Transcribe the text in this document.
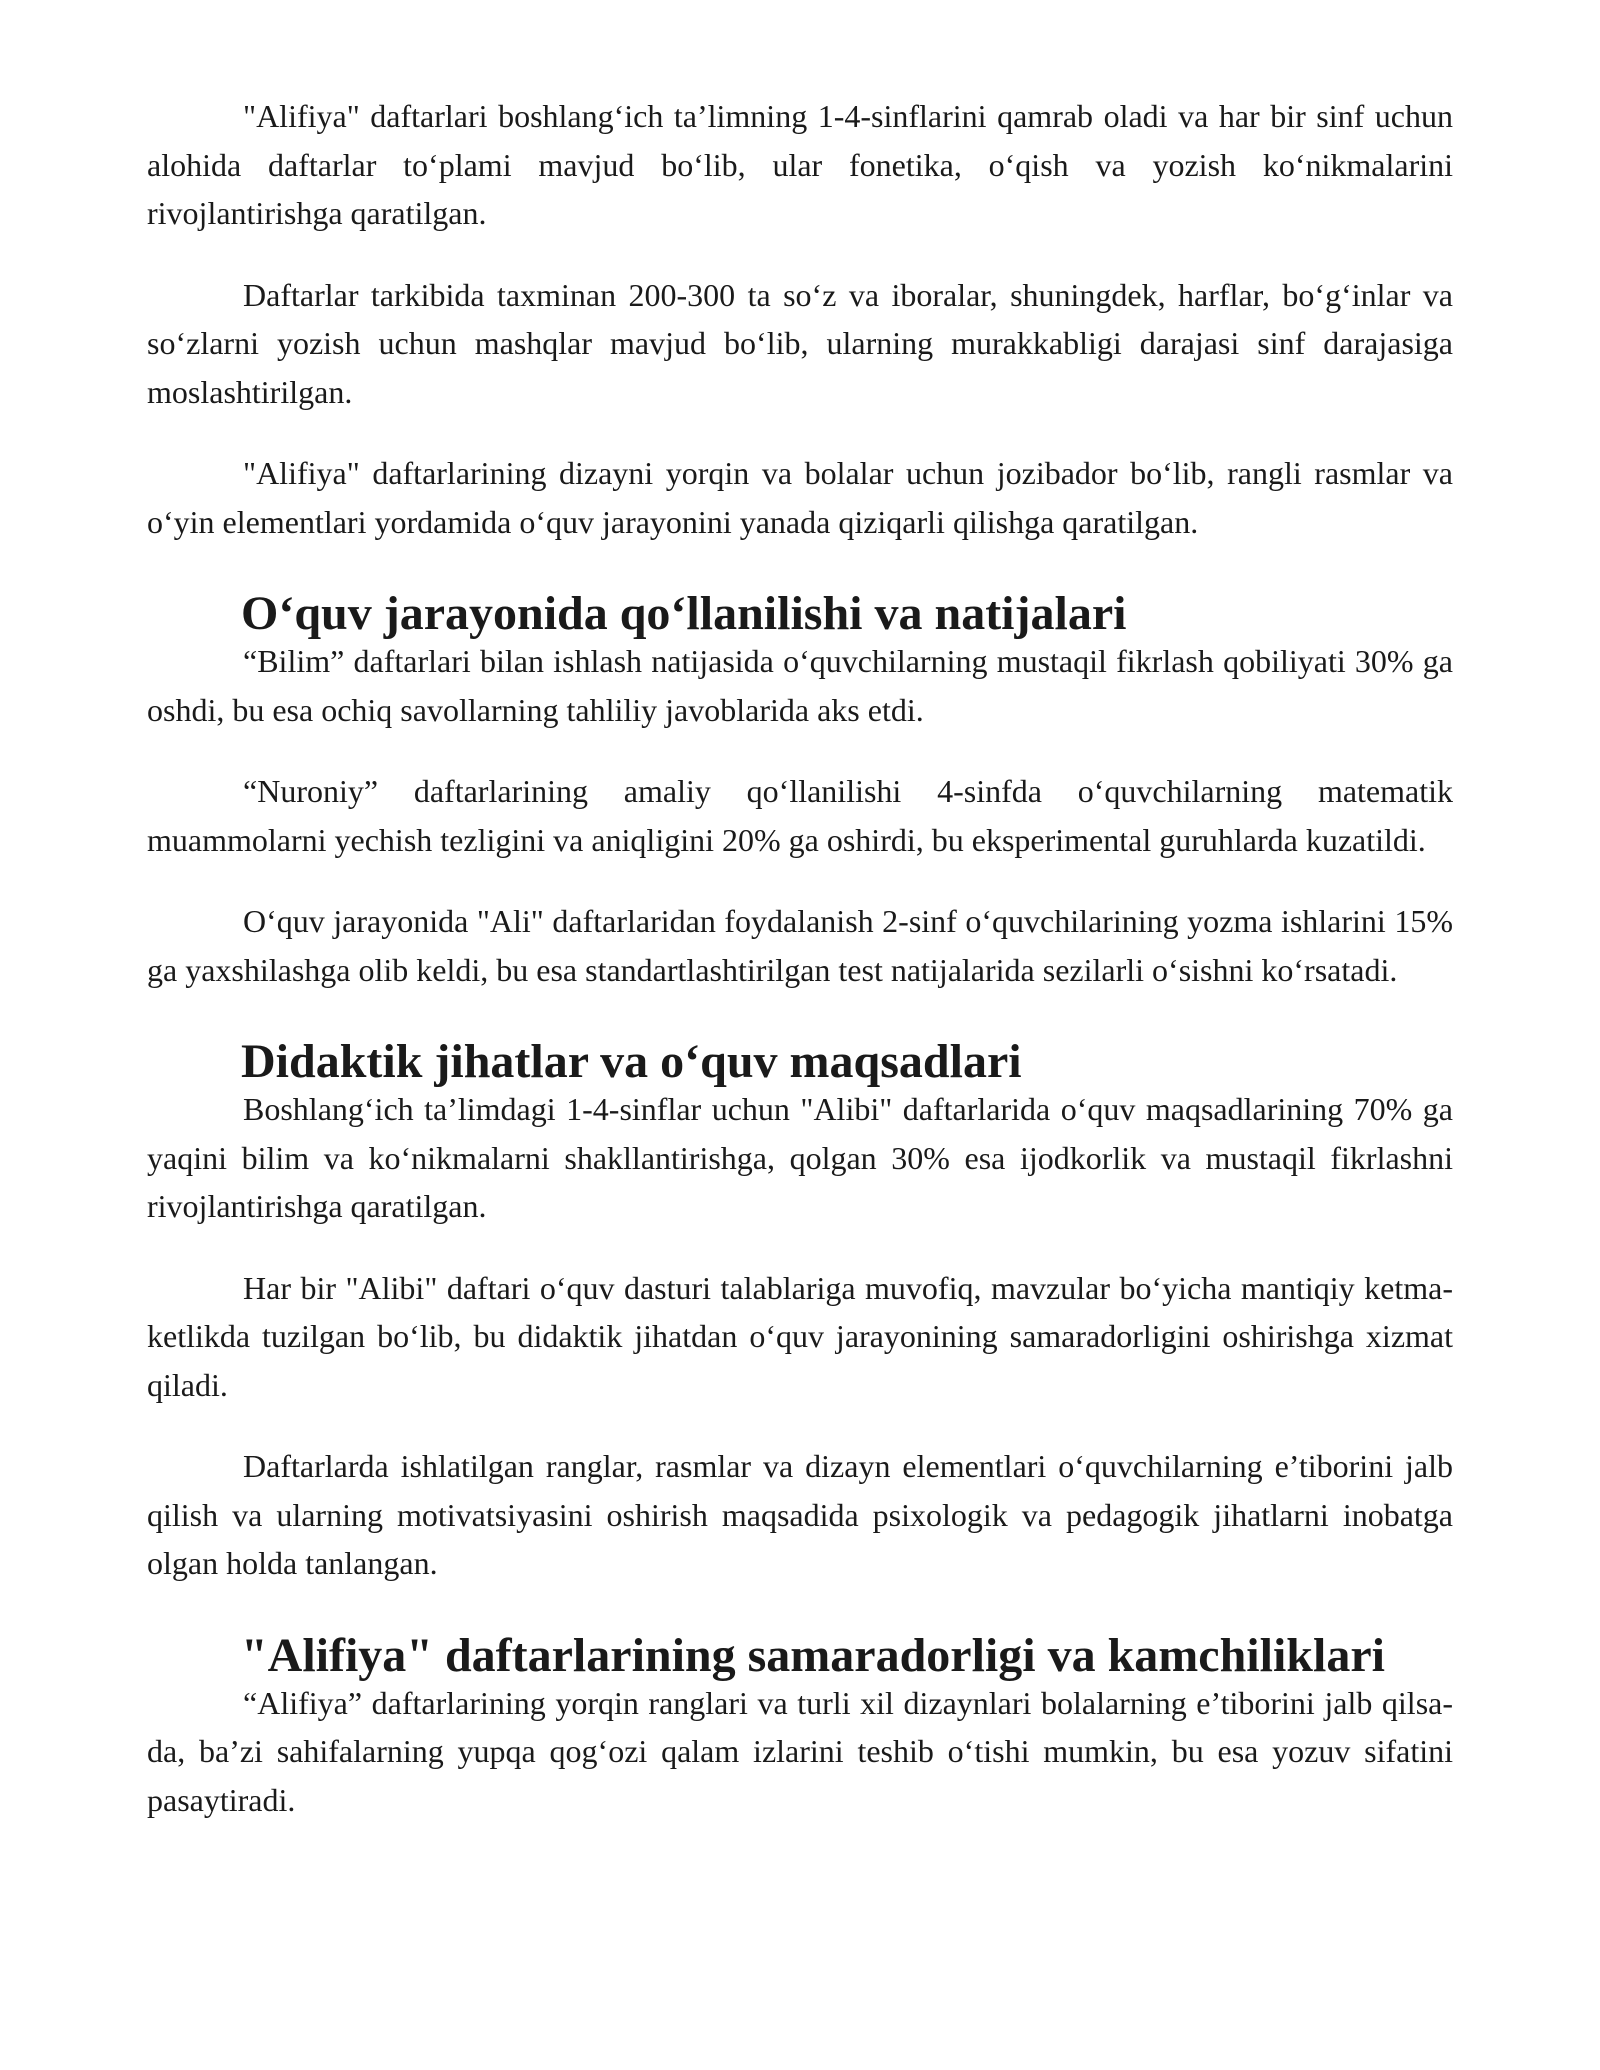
"Alifiya" daftarlari boshlang‘ich ta’limning 1-4-sinflarini qamrab oladi va har bir sinf uchun alohida daftarlar to‘plami mavjud bo‘lib, ular fonetika, o‘qish va yozish ko‘nikmalarini rivojlantirishga qaratilgan.

Daftarlar tarkibida taxminan 200-300 ta so‘z va iboralar, shuningdek, harflar, bo‘g‘inlar va so‘zlarni yozish uchun mashqlar mavjud bo‘lib, ularning murakkabligi darajasi sinf darajasiga moslashtirilgan.

"Alifiya" daftarlarining dizayni yorqin va bolalar uchun jozibador bo‘lib, rangli rasmlar va o‘yin elementlari yordamida o‘quv jarayonini yanada qiziqarli qilishga qaratilgan.

O‘quv jarayonida qo‘llanilishi va natijalari

“Bilim” daftarlari bilan ishlash natijasida o‘quvchilarning mustaqil fikrlash qobiliyati 30% ga oshdi, bu esa ochiq savollarning tahliliy javoblarida aks etdi.

“Nuroniy” daftarlarining amaliy qo‘llanilishi 4-sinfda o‘quvchilarning matematik muammolarni yechish tezligini va aniqligini 20% ga oshirdi, bu eksperimental guruhlarda kuzatildi.

O‘quv jarayonida "Ali" daftarlaridan foydalanish 2-sinf o‘quvchilarining yozma ishlarini 15% ga yaxshilashga olib keldi, bu esa standartlashtirilgan test natijalarida sezilarli o‘sishni ko‘rsatadi.

Didaktik jihatlar va o‘quv maqsadlari

Boshlang‘ich ta’limdagi 1-4-sinflar uchun "Alibi" daftarlarida o‘quv maqsadlarining 70% ga yaqini bilim va ko‘nikmalarni shakllantirishga, qolgan 30% esa ijodkorlik va mustaqil fikrlashni rivojlantirishga qaratilgan.

Har bir "Alibi" daftari o‘quv dasturi talablariga muvofiq, mavzular bo‘yicha mantiqiy ketma-ketlikda tuzilgan bo‘lib, bu didaktik jihatdan o‘quv jarayonining samaradorligini oshirishga xizmat qiladi.

Daftarlarda ishlatilgan ranglar, rasmlar va dizayn elementlari o‘quvchilarning e’tiborini jalb qilish va ularning motivatsiyasini oshirish maqsadida psixologik va pedagogik jihatlarni inobatga olgan holda tanlangan.

"Alifiya" daftarlarining samaradorligi va kamchiliklari

“Alifiya” daftarlarining yorqin ranglari va turli xil dizaynlari bolalarning e’tiborini jalb qilsa-da, ba’zi sahifalarning yupqa qog‘ozi qalam izlarini teshib o‘tishi mumkin, bu esa yozuv sifatini pasaytiradi.
